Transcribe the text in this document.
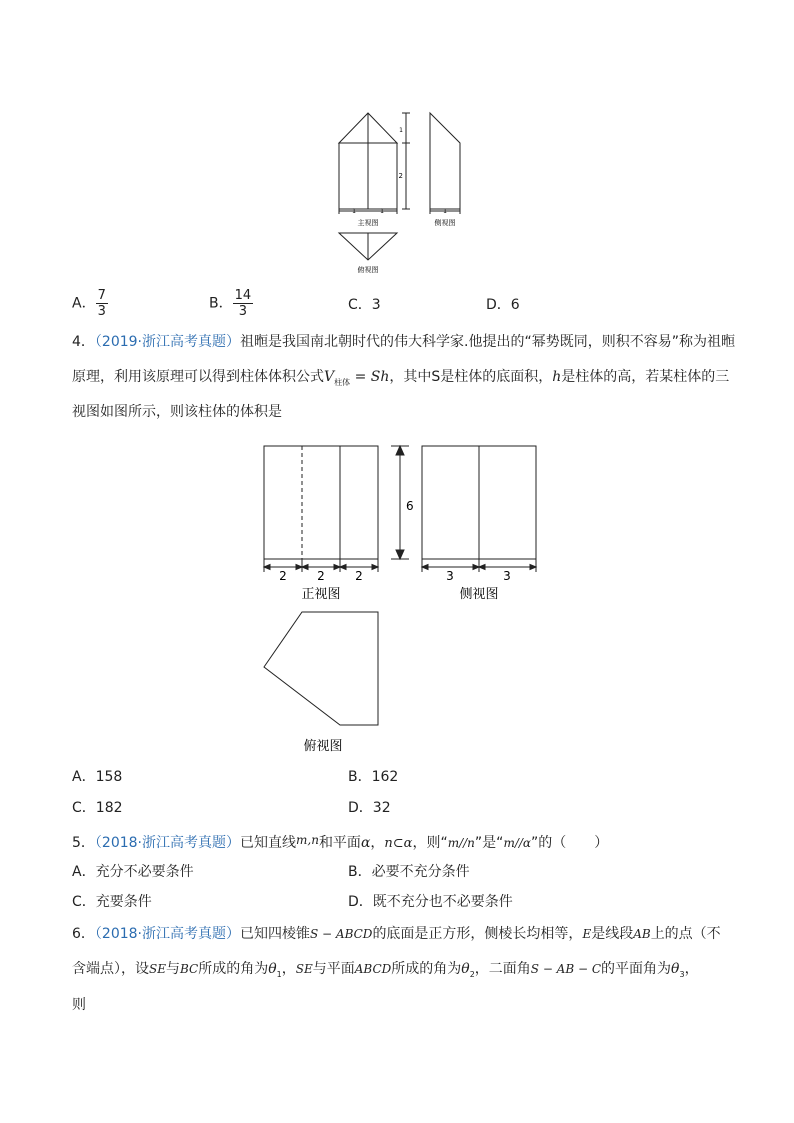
1
2
1	1	1
主视图	侧视图
俯视图
A． $\frac{7}{3}$	B． $\frac{14}{3}$	C．3	D．6
4．（2019·浙江高考真题）祖暅是我国南北朝时代的伟大科学家.他提出的“幂势既同，则积不容易”称为祖暅
原理，利用该原理可以得到柱体体积公式$V_{柱体} = Sh$，其中S是柱体的底面积，h是柱体的高，若某柱体的三
视图如图所示，则该柱体的体积是
6
2	2	2
正视图
3	3
侧视图
俯视图
A．158	B．162
C．182	D．32
5．（2018·浙江高考真题）已知直线m,n和平面α，n⊂α，则“m//n”是“m//α”的（　　）
A．充分不必要条件	B．必要不充分条件
C．充要条件	D．既不充分也不必要条件
6．（2018·浙江高考真题）已知四棱锥S − ABCD的底面是正方形，侧棱长均相等，E是线段AB上的点（不
含端点），设SE与BC所成的角为$\theta_1$，SE与平面ABCD所成的角为$\theta_2$，二面角S − AB − C的平面角为$\theta_3$，
则
